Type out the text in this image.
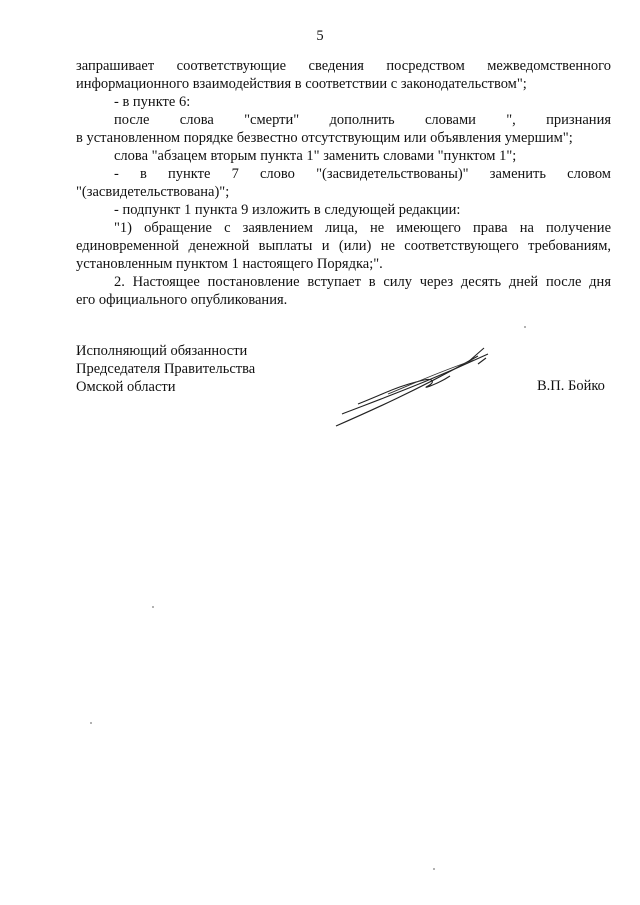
5

запрашивает соответствующие сведения посредством межведомственного

информационного взаимодействия в соответствии с законодательством";

- в пункте 6:

после слова "смерти" дополнить словами ", признания

в установленном порядке безвестно отсутствующим или объявления умершим";

слова "абзацем вторым пункта 1" заменить словами "пунктом 1";

- в пункте 7 слово "(засвидетельствованы)" заменить словом

"(засвидетельствована)";

- подпункт 1 пункта 9 изложить в следующей редакции:

"1) обращение с заявлением лица, не имеющего права на получение

единовременной денежной выплаты и (или) не соответствующего требованиям,

установленным пунктом 1 настоящего Порядка;".

2. Настоящее постановление вступает в силу через десять дней после дня

его официального опубликования.

Исполняющий обязанности
Председателя Правительства
Омской области	В.П. Бойко
